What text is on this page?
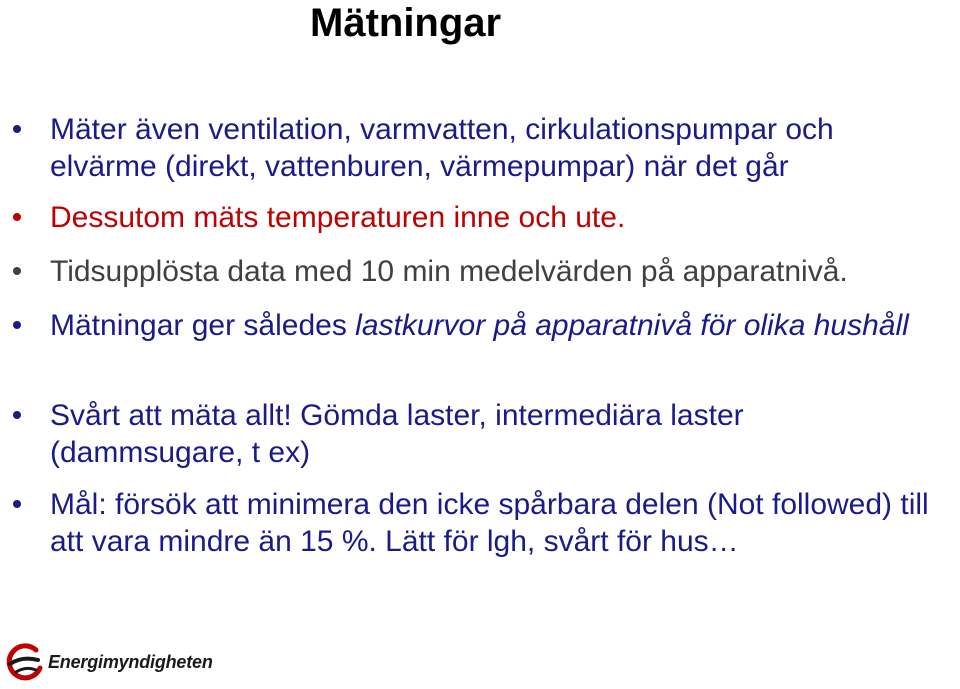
Mätningar
Mäter även ventilation, varmvatten, cirkulationspumpar och elvärme (direkt, vattenburen, värmepumpar) när det går
Dessutom mäts temperaturen inne och ute.
Tidsupplösta data med 10 min medelvärden på apparatnivå.
Mätningar ger således lastkurvor på apparatnivå för olika hushåll
Svårt att mäta allt! Gömda laster, intermediära laster (dammsugare, t ex)
Mål: försök att minimera den icke spårbara delen (Not followed) till att vara mindre än 15 %. Lätt för lgh, svårt för hus…
Energimyndigheten
